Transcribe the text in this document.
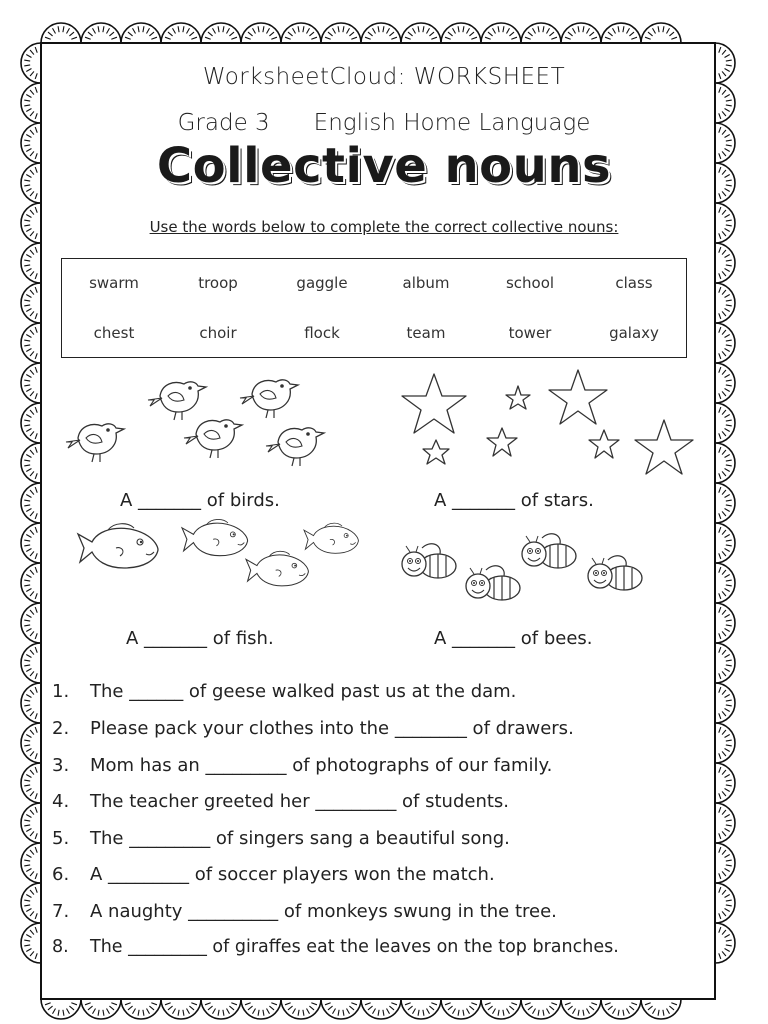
WorksheetCloud: WORKSHEET
Grade 3 English Home Language
Collective nouns
Use the words below to complete the correct collective nouns:
swarm	troop	gaggle	album	school	class
chest	choir	flock	team	tower	galaxy
A _______ of birds.	A _______ of stars.
A _______ of fish.	A _______ of bees.
1. The ______ of geese walked past us at the dam.
2. Please pack your clothes into the ________ of drawers.
3. Mom has an _________ of photographs of our family.
4. The teacher greeted her _________ of students.
5. The _________ of singers sang a beautiful song.
6. A _________ of soccer players won the match.
7. A naughty __________ of monkeys swung in the tree.
8. The _________ of giraffes eat the leaves on the top branches.
